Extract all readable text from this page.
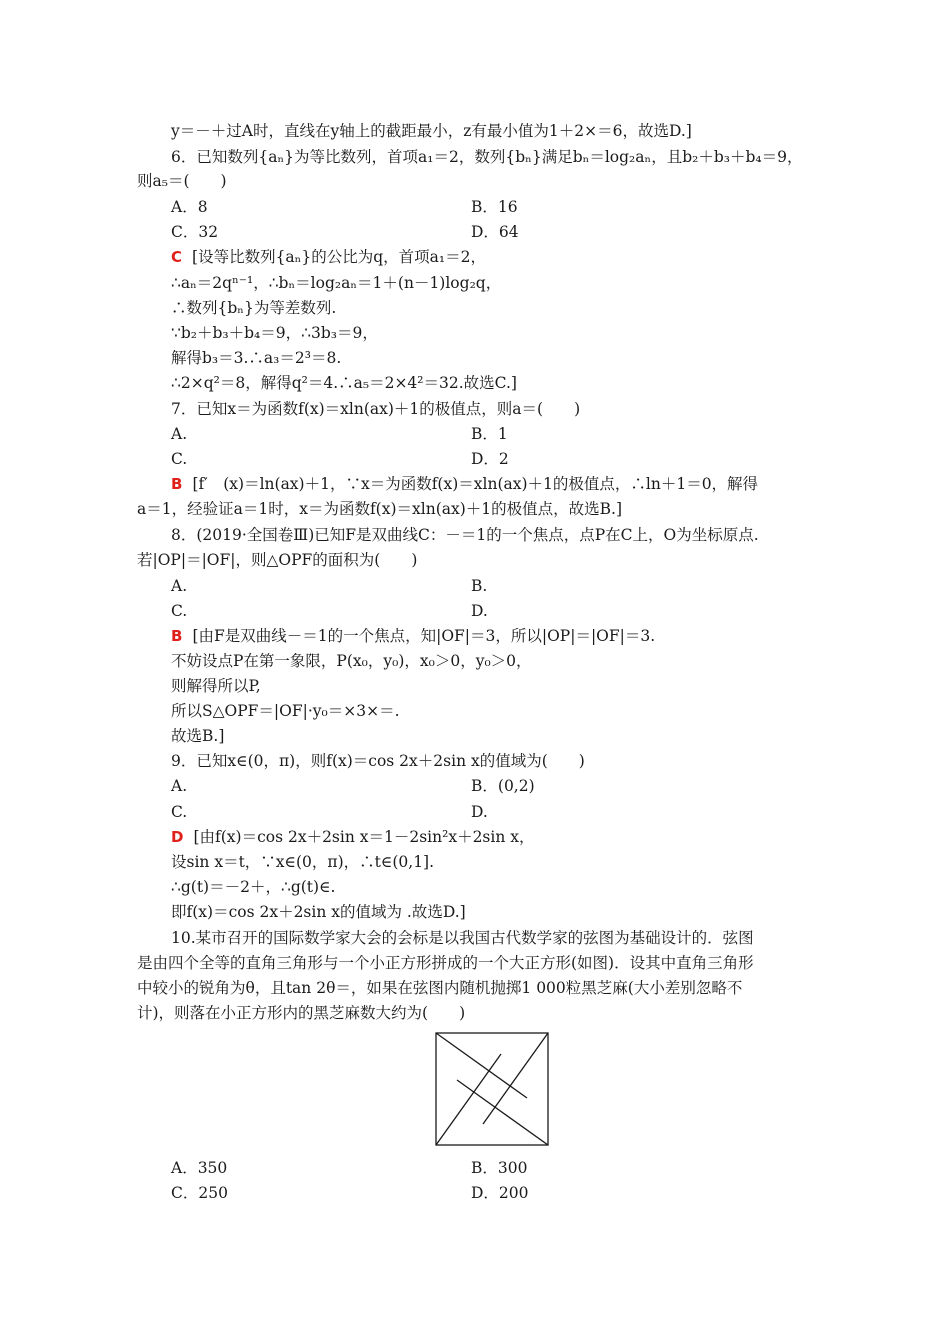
y＝－＋过A时，直线在y轴上的截距最小，z有最小值为1＋2×＝6，故选D.]
6．已知数列{aₙ}为等比数列，首项a₁＝2，数列{bₙ}满足bₙ＝log₂aₙ，且b₂＋b₃＋b₄＝9，
则a₅＝(　　)
A．8	B．16
C．32	D．64
C [设等比数列{aₙ}的公比为q，首项a₁＝2，
∴aₙ＝2qⁿ⁻¹，∴bₙ＝log₂aₙ＝1＋(n－1)log₂q，
∴数列{bₙ}为等差数列.
∵b₂＋b₃＋b₄＝9，∴3b₃＝9，
解得b₃＝3.∴a₃＝2³＝8.
∴2×q²＝8，解得q²＝4.∴a₅＝2×4²＝32.故选C.]
7．已知x＝为函数f(x)＝xln(ax)＋1的极值点，则a＝(　　)
A.	B．1
C.	D．2
B [f′　(x)＝ln(ax)＋1，∵x＝为函数f(x)＝xln(ax)＋1的极值点，∴ln＋1＝0，解得
a＝1，经验证a＝1时，x＝为函数f(x)＝xln(ax)＋1的极值点，故选B.]
8．(2019·全国卷Ⅲ)已知F是双曲线C：－＝1的一个焦点，点P在C上，O为坐标原点.
若|OP|＝|OF|，则△OPF的面积为(　　)
A.	B.
C.	D.
B [由F是双曲线－＝1的一个焦点，知|OF|＝3，所以|OP|＝|OF|＝3.
不妨设点P在第一象限，P(x₀，y₀)，x₀＞0，y₀＞0，
则解得所以P,
所以S△OPF＝|OF|·y₀＝×3×＝.
故选B.]
9．已知x∈(0，π)，则f(x)＝cos 2x＋2sin x的值域为(　　)
A.	B．(0,2)
C.	D.
D [由f(x)＝cos 2x＋2sin x＝1－2sin²x＋2sin x，
设sin x＝t，∵x∈(0，π)，∴t∈(0,1].
∴g(t)＝－2＋，∴g(t)∈.
即f(x)＝cos 2x＋2sin x的值域为 .故选D.]
10.某市召开的国际数学家大会的会标是以我国古代数学家的弦图为基础设计的．弦图
是由四个全等的直角三角形与一个小正方形拼成的一个大正方形(如图)．设其中直角三角形
中较小的锐角为θ，且tan 2θ＝，如果在弦图内随机抛掷1 000粒黑芝麻(大小差别忽略不
计)，则落在小正方形内的黑芝麻数大约为(　　)
A．350	B．300
C．250	D．200
